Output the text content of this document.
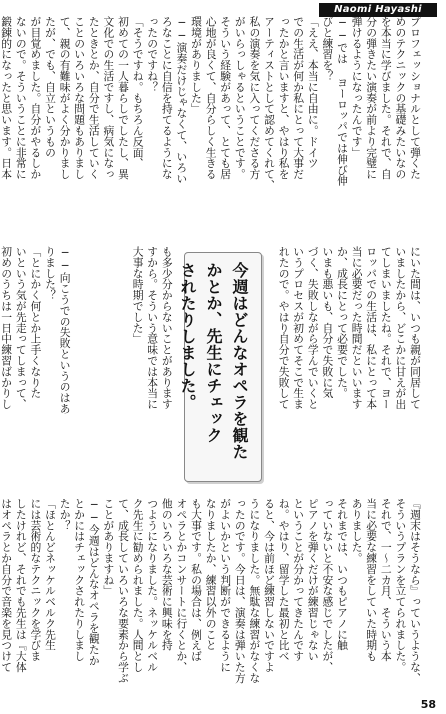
Naomi Hayashi
プロフェッショナルとして弾くた
めのテクニックの基礎みたいなの
を本当に学びました。それで、自
分の弾きたい演奏が前より完璧に
弾けるようになったんです」
──では ヨーロッパでは伸び伸
びと練習を？
「ええ、本当に自由に。ドイツ
での生活が何か私にとって大事だ
ったかと言いますと、やはり私を
アーティストとして認めてくれて、
私の演奏を気に入ってくださる方
がいらっしゃるということです。
そういう経験があって、とても居
心地が良くて、自分らしく生きる
環境がありました」
──演奏だけじゃなくて、いろい
ろなことに自信を持てるようにな
ったのですね？
「そうですね。もちろん反面、
初めての一人暮らしでしたし、異
文化での生活ですし、病気になっ
たときとか、自分で生活していく
ことのいろいろな問題もありまし
て、親の有難味がよく分かりまし
たが、でも、自立というもの
が目覚めました。自分がやるしか
ないので。そういうことに非常に
鍛錬的になったと思います。日本
にいた間は、いつも親が同居して
いましたから、どこかに甘えが出
てしまいましたね。それで、ヨー
ロッパでの生活は、私にとって本
当に必要だった時間だといいます
か、成長にとって必要でした。
いまも悪いも、自分で失敗に気
づく、失敗しながら学んでいくと
いうプロセスが初めてそこで生ま
れたので。やはり自分で失敗して
も多少分からないことがあります
すから。そういう意味では本当に
大事な時期でした」
──向こうでの失敗というのはあ
りました？
「とにかく何とか上手くなりた
いという気が先走ってしまって、
初めのうちは一日中練習ばかりし
『週末はそうなら』っていうような、
そういうプランを立てられました。
それで、一〜二カ月、そういう本
当に必要な練習をしていた時期も
ありました。
それまでは、いつもピアノに触
っていないと不安な感じでしたが、
ピアノを弾くだけが練習じゃない
ということが分かってきたんです
ね。やはり、留学した最初と比べ
ると、今は前ほど練習しないですよ
うになりました。無駄な練習がなくな
ったのです。今日は、演奏は弾いた方
がよいかという判断ができるように
なりましたか、練習以外のこと
も大事です。私の場合は、例えば
オペラとかコンサートに行くとか、
他のいろいろな芸術に興味を持
つようになりました。ネッケルベル
ク先生に勧められました。人間とし
て、成長していろいろな要素から学ぶ
ことがありますね」
──今週はどんなオペラを観たか
とかにはチェックされたりしまし
たか？
「ほとんどネッケルベルク先生
には芸術的なテクニックを学びま
したけれど、それでも先生は『大体
はオペラとか自分で音楽を見つけて
今週はどんなオペラを観た
かとか、先生にチェック
されたりしました。
58
